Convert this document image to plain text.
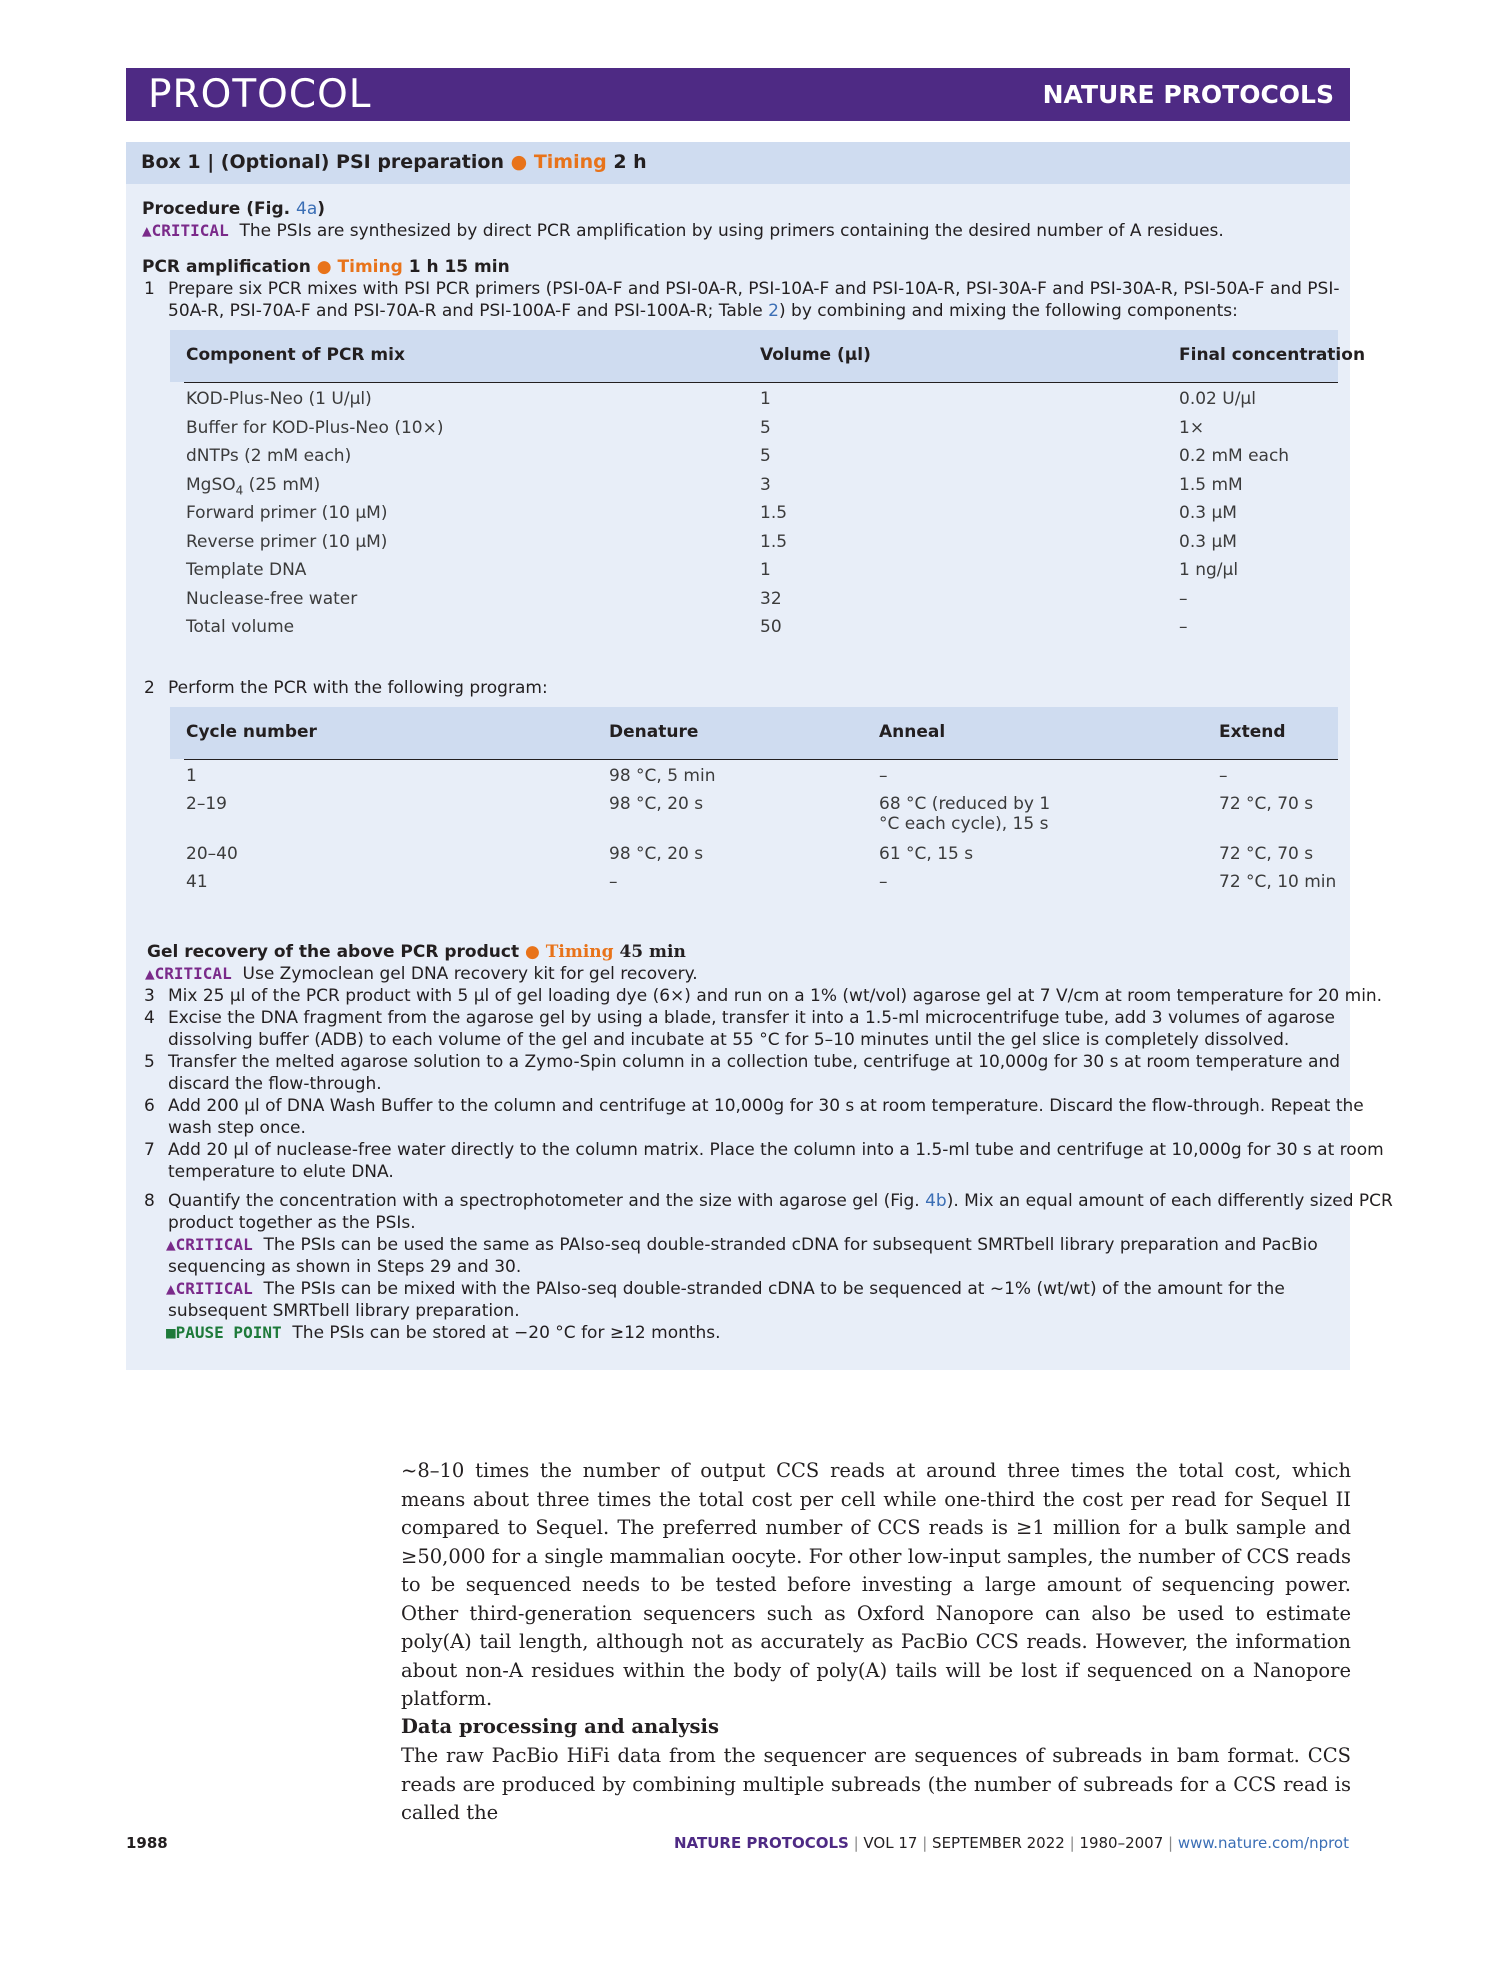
PROTOCOL	NATURE PROTOCOLS
Box 1 | (Optional) PSI preparation ● Timing 2 h
Procedure (Fig. 4a)
▲CRITICAL The PSIs are synthesized by direct PCR amplification by using primers containing the desired number of A residues.
PCR amplification ● Timing 1 h 15 min
1 Prepare six PCR mixes with PSI PCR primers (PSI-0A-F and PSI-0A-R, PSI-10A-F and PSI-10A-R, PSI-30A-F and PSI-30A-R, PSI-50A-F and PSI-
50A-R, PSI-70A-F and PSI-70A-R and PSI-100A-F and PSI-100A-R; Table 2) by combining and mixing the following components:
Component of PCR mix	Volume (μl)	Final concentration
KOD-Plus-Neo (1 U/μl)	1	0.02 U/μl
Buffer for KOD-Plus-Neo (10×)	5	1×
dNTPs (2 mM each)	5	0.2 mM each
MgSO$_4$ (25 mM)	3	1.5 mM
Forward primer (10 μM)	1.5	0.3 μM
Reverse primer (10 μM)	1.5	0.3 μM
Template DNA	1	1 ng/μl
Nuclease-free water	32	–
Total volume	50	–
2 Perform the PCR with the following program:
Cycle number	Denature	Anneal	Extend
1	98 °C, 5 min	–	–
2–19	98 °C, 20 s	68 °C (reduced by 1	72 °C, 70 s
°C each cycle), 15 s
20–40	98 °C, 20 s	61 °C, 15 s	72 °C, 70 s
41	–	–	72 °C, 10 min
Gel recovery of the above PCR product ● Timing 45 min
▲CRITICAL Use Zymoclean gel DNA recovery kit for gel recovery.
3 Mix 25 μl of the PCR product with 5 μl of gel loading dye (6×) and run on a 1% (wt/vol) agarose gel at 7 V/cm at room temperature for 20 min.
4 Excise the DNA fragment from the agarose gel by using a blade, transfer it into a 1.5-ml microcentrifuge tube, add 3 volumes of agarose
dissolving buffer (ADB) to each volume of the gel and incubate at 55 °C for 5–10 minutes until the gel slice is completely dissolved.
5 Transfer the melted agarose solution to a Zymo-Spin column in a collection tube, centrifuge at 10,000g for 30 s at room temperature and
discard the flow-through.
6 Add 200 μl of DNA Wash Buffer to the column and centrifuge at 10,000g for 30 s at room temperature. Discard the flow-through. Repeat the
wash step once.
7 Add 20 μl of nuclease-free water directly to the column matrix. Place the column into a 1.5-ml tube and centrifuge at 10,000g for 30 s at room
temperature to elute DNA.
8 Quantify the concentration with a spectrophotometer and the size with agarose gel (Fig. 4b). Mix an equal amount of each differently sized PCR
product together as the PSIs.
▲CRITICAL The PSIs can be used the same as PAIso-seq double-stranded cDNA for subsequent SMRTbell library preparation and PacBio
sequencing as shown in Steps 29 and 30.
▲CRITICAL The PSIs can be mixed with the PAIso-seq double-stranded cDNA to be sequenced at ~1% (wt/wt) of the amount for the
subsequent SMRTbell library preparation.
■PAUSE POINT The PSIs can be stored at −20 °C for ≥12 months.
~8–10 times the number of output CCS reads at around three times the total cost, which means about three times the total cost per cell while one-third the cost per read for Sequel II compared to Sequel. The preferred number of CCS reads is ≥1 million for a bulk sample and ≥50,000 for a single mammalian oocyte. For other low-input samples, the number of CCS reads to be sequenced needs to be tested before investing a large amount of sequencing power. Other third-generation sequencers such as Oxford Nanopore can also be used to estimate poly(A) tail length, although not as accurately as PacBio CCS reads. However, the information about non-A residues within the body of poly(A) tails will be lost if sequenced on a Nanopore platform.
Data processing and analysis
The raw PacBio HiFi data from the sequencer are sequences of subreads in bam format. CCS reads are produced by combining multiple subreads (the number of subreads for a CCS read is called the
1988	NATURE PROTOCOLS | VOL 17 | SEPTEMBER 2022 | 1980–2007 | www.nature.com/nprot
